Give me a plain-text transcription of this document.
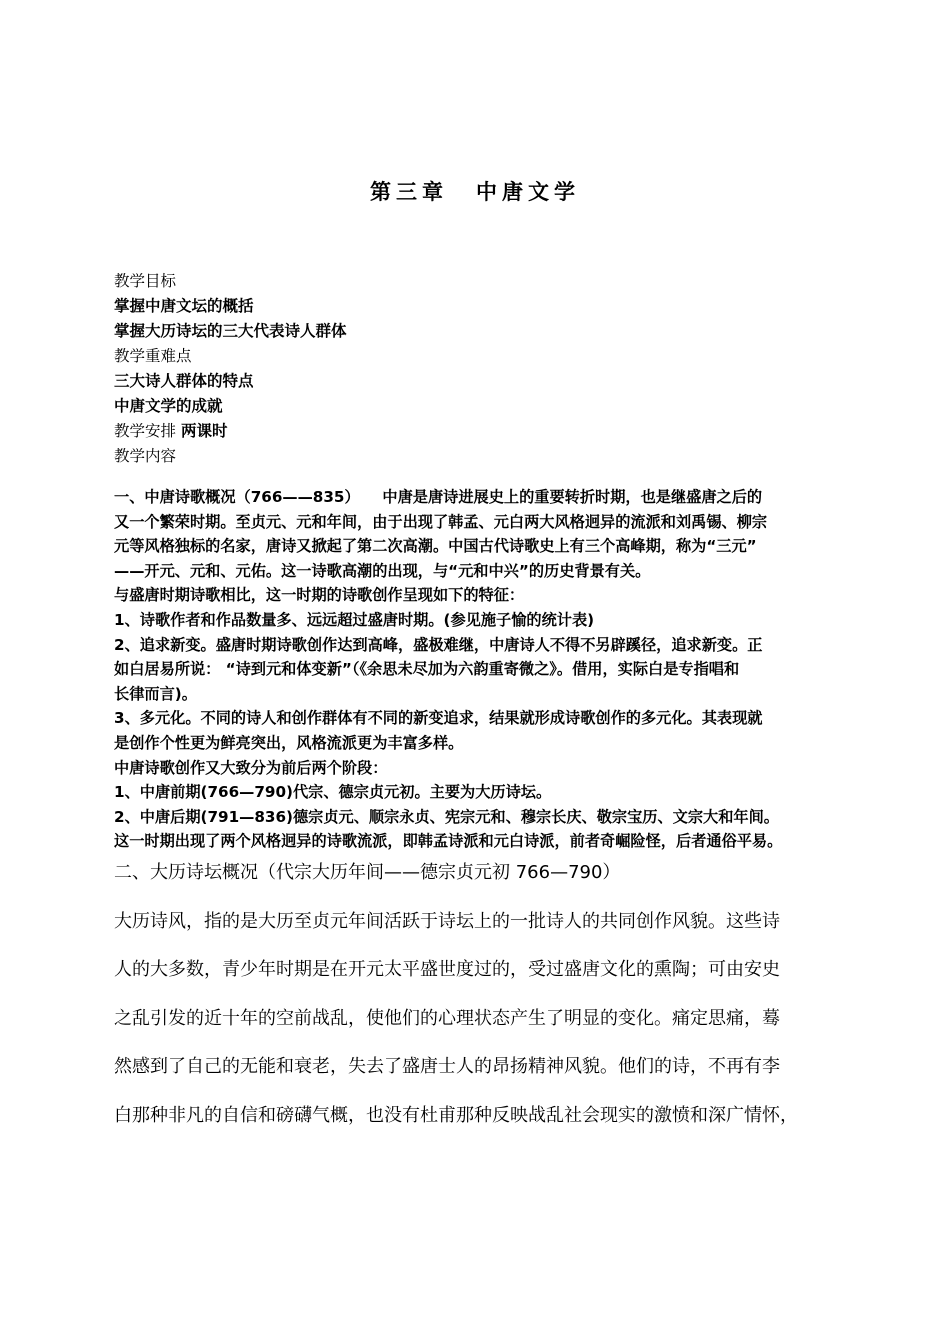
第三章 中唐文学
教学目标
掌握中唐文坛的概括
掌握大历诗坛的三大代表诗人群体
教学重难点
三大诗人群体的特点
中唐文学的成就
教学安排 两课时
教学内容
一、中唐诗歌概况（766——835）　　中唐是唐诗进展史上的重要转折时期，也是继盛唐之后的
又一个繁荣时期。至贞元、元和年间，由于出现了韩孟、元白两大风格迥异的流派和刘禹锡、柳宗
元等风格独标的名家，唐诗又掀起了第二次高潮。中国古代诗歌史上有三个高峰期，称为“三元”
——开元、元和、元佑。这一诗歌高潮的出现，与“元和中兴”的历史背景有关。
与盛唐时期诗歌相比，这一时期的诗歌创作呈现如下的特征：
1、诗歌作者和作品数量多、远远超过盛唐时期。(参见施子愉的统计表)
2、追求新变。盛唐时期诗歌创作达到高峰，盛极难继，中唐诗人不得不另辟蹊径，追求新变。正
如白居易所说： “诗到元和体变新”（《余思未尽加为六韵重寄微之》。借用，实际白是专指唱和
长律而言)。
3、多元化。不同的诗人和创作群体有不同的新变追求，结果就形成诗歌创作的多元化。其表现就
是创作个性更为鲜亮突出，风格流派更为丰富多样。
中唐诗歌创作又大致分为前后两个阶段：
1、中唐前期(766—790)代宗、德宗贞元初。主要为大历诗坛。
2、中唐后期(791—836)德宗贞元、顺宗永贞、宪宗元和、穆宗长庆、敬宗宝历、文宗大和年间。
这一时期出现了两个风格迥异的诗歌流派，即韩孟诗派和元白诗派，前者奇崛险怪，后者通俗平易。
二、大历诗坛概况（代宗大历年间——德宗贞元初 766—790）
大历诗风，指的是大历至贞元年间活跃于诗坛上的一批诗人的共同创作风貌。这些诗
人的大多数，青少年时期是在开元太平盛世度过的，受过盛唐文化的熏陶；可由安史
之乱引发的近十年的空前战乱，使他们的心理状态产生了明显的变化。痛定思痛，蓦
然感到了自己的无能和衰老，失去了盛唐士人的昂扬精神风貌。他们的诗，不再有李
白那种非凡的自信和磅礴气概，也没有杜甫那种反映战乱社会现实的激愤和深广情怀，
